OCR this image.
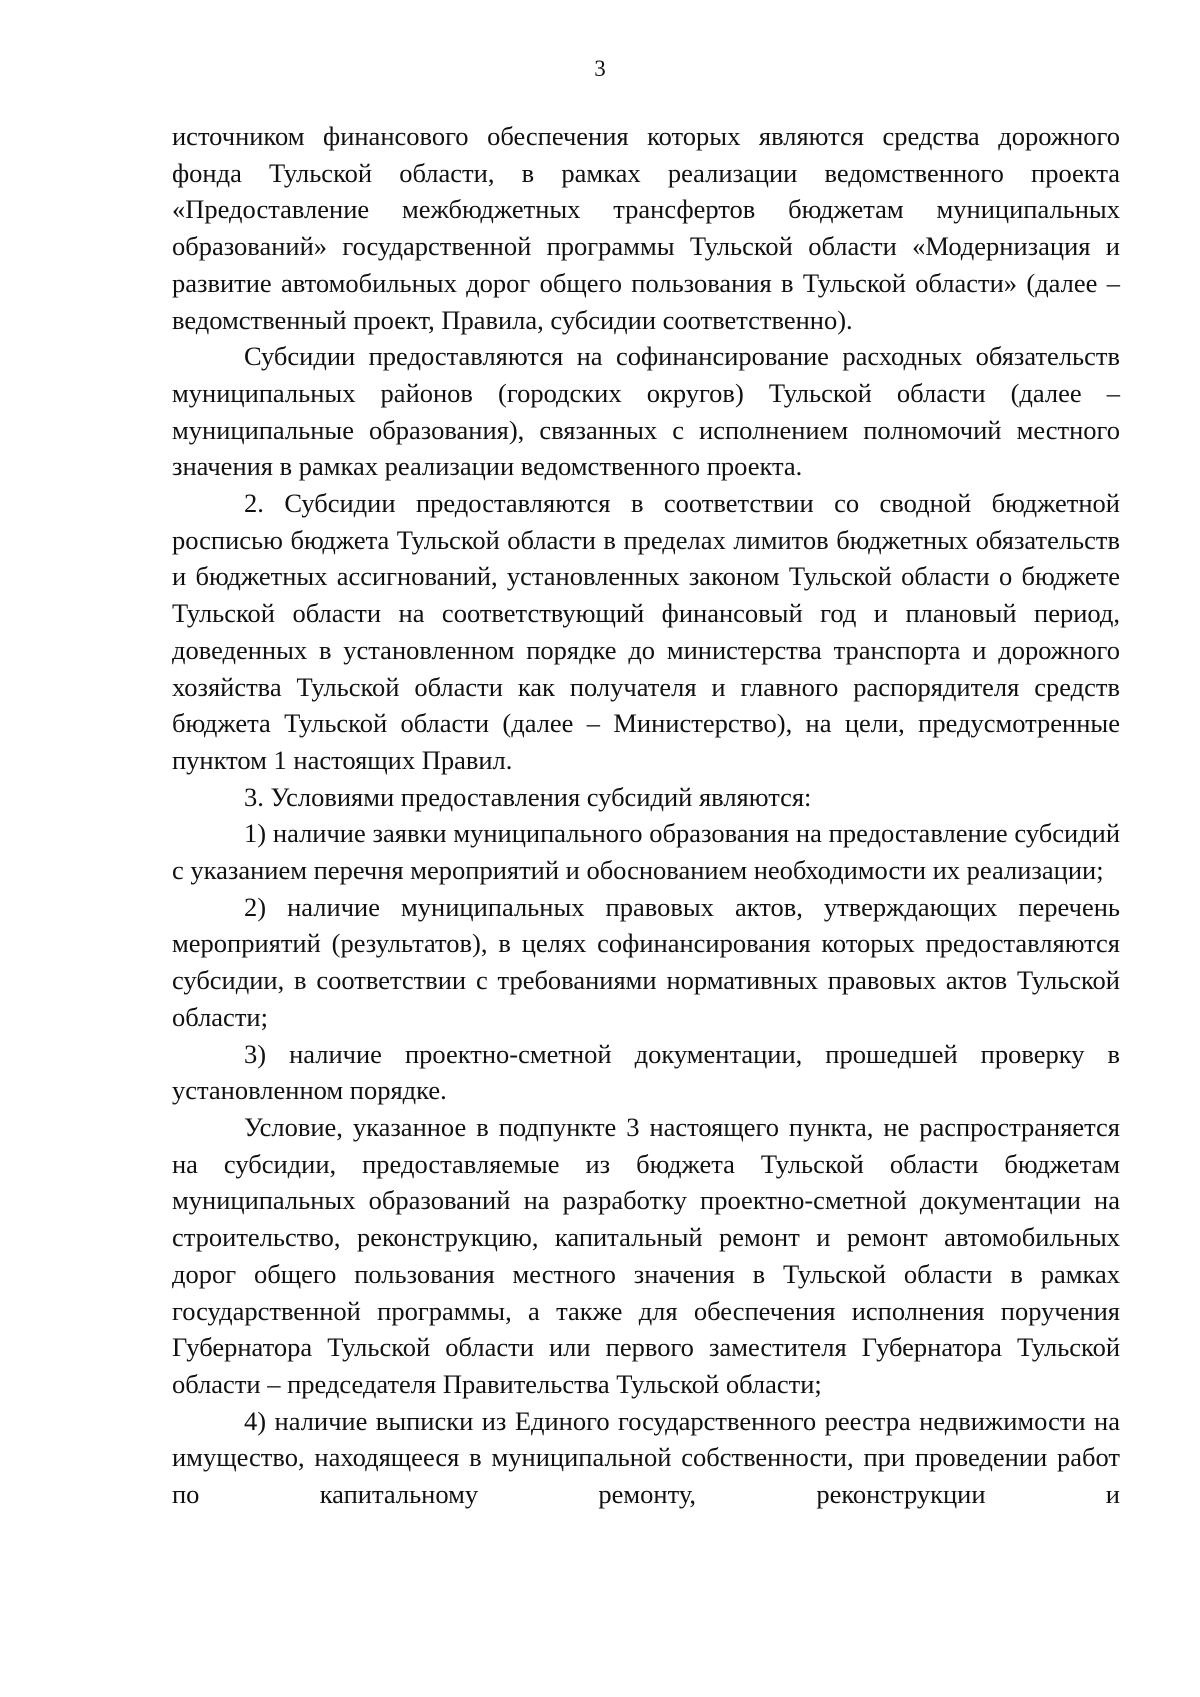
3

источником финансового обеспечения которых являются средства дорожного фонда Тульской области, в рамках реализации ведомственного проекта «Предоставление межбюджетных трансфертов бюджетам муниципальных образований» государственной программы Тульской области «Модернизация и развитие автомобильных дорог общего пользования в Тульской области» (далее – ведомственный проект, Правила, субсидии соответственно).

Субсидии предоставляются на софинансирование расходных обязательств муниципальных районов (городских округов) Тульской области (далее – муниципальные образования), связанных с исполнением полномочий местного значения в рамках реализации ведомственного проекта.

2. Субсидии предоставляются в соответствии со сводной бюджетной росписью бюджета Тульской области в пределах лимитов бюджетных обязательств и бюджетных ассигнований, установленных законом Тульской области о бюджете Тульской области на соответствующий финансовый год и плановый период, доведенных в установленном порядке до министерства транспорта и дорожного хозяйства Тульской области как получателя и главного распорядителя средств бюджета Тульской области (далее – Министерство), на цели, предусмотренные пунктом 1 настоящих Правил.

3. Условиями предоставления субсидий являются:

1) наличие заявки муниципального образования на предоставление субсидий с указанием перечня мероприятий и обоснованием необходимости их реализации;

2) наличие муниципальных правовых актов, утверждающих перечень мероприятий (результатов), в целях софинансирования которых предоставляются субсидии, в соответствии с требованиями нормативных правовых актов Тульской области;

3) наличие проектно-сметной документации, прошедшей проверку в установленном порядке.

Условие, указанное в подпункте 3 настоящего пункта, не распространяется на субсидии, предоставляемые из бюджета Тульской области бюджетам муниципальных образований на разработку проектно-сметной документации на строительство, реконструкцию, капитальный ремонт и ремонт автомобильных дорог общего пользования местного значения в Тульской области в рамках государственной программы, а также для обеспечения исполнения поручения Губернатора Тульской области или первого заместителя Губернатора Тульской области – председателя Правительства Тульской области;

4) наличие выписки из Единого государственного реестра недвижимости на имущество, находящееся в муниципальной собственности, при проведении работ по капитальному ремонту, реконструкции и
